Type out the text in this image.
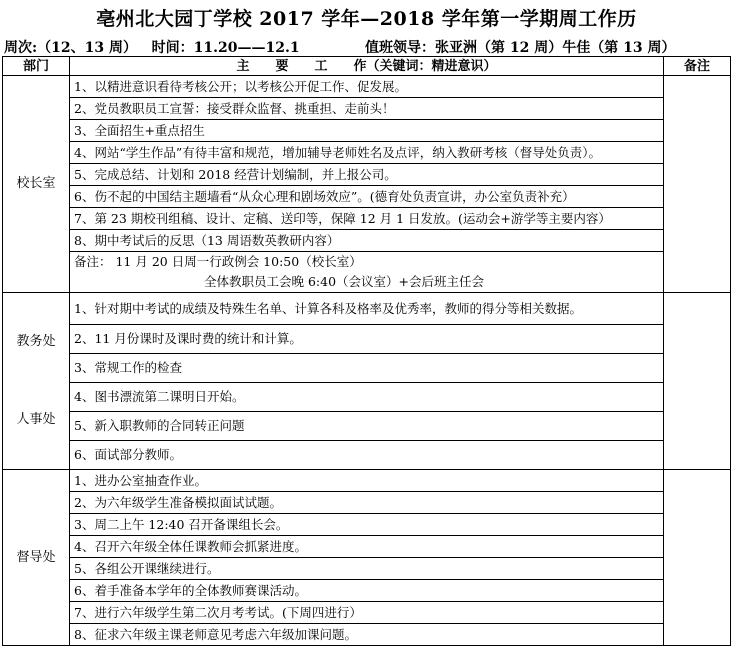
亳州北大园丁学校 2017 学年—2018 学年第一学期周工作历
周次:（12、13 周） 时间：11.20——12.1	值班领导：张亚洲（第 12 周）牛佳（第 13 周）
部门	主　　要　　工　　作（关键词：精进意识）	备注
校长室	1、以精进意识看待考核公开；以考核公开促工作、促发展。	
	2、党员教职员工宣誓：接受群众监督、挑重担、走前头！	
	3、全面招生+重点招生	
	4、网站“学生作品”有待丰富和规范，增加辅导老师姓名及点评，纳入教研考核（督导处负责）。	
	5、完成总结、计划和 2018 经营计划编制，并上报公司。	
	6、伤不起的中国结主题墙看“从众心理和剧场效应”。(德育处负责宣讲，办公室负责补充）	
	7、第 23 期校刊组稿、设计、定稿、送印等，保障 12 月 1 日发放。(运动会+游学等主要内容）	
	8、期中考试后的反思（13 周语数英教研内容）	

	备注： 11 月 20 日周一行政例会 10:50（校长室）
全体教职员工会晚 6:40（会议室）+会后班主任会	

教务处
人事处	1、针对期中考试的成绩及特殊生名单、计算各科及格率及优秀率，教师的得分等相关数据。	
	2、11 月份课时及课时费的统计和计算。	
	3、常规工作的检查	
	4、图书漂流第二课明日开始。	
	5、新入职教师的合同转正问题	
	6、面试部分教师。	
督导处	1、进办公室抽查作业。	
	2、为六年级学生准备模拟面试试题。	
	3、周二上午 12:40 召开备课组长会。	
	4、召开六年级全体任课教师会抓紧进度。	
	5、各组公开课继续进行。	
	6、着手准备本学年的全体教师赛课活动。	
	7、进行六年级学生第二次月考考试。(下周四进行）	
	8、征求六年级主课老师意见考虑六年级加课问题。	
